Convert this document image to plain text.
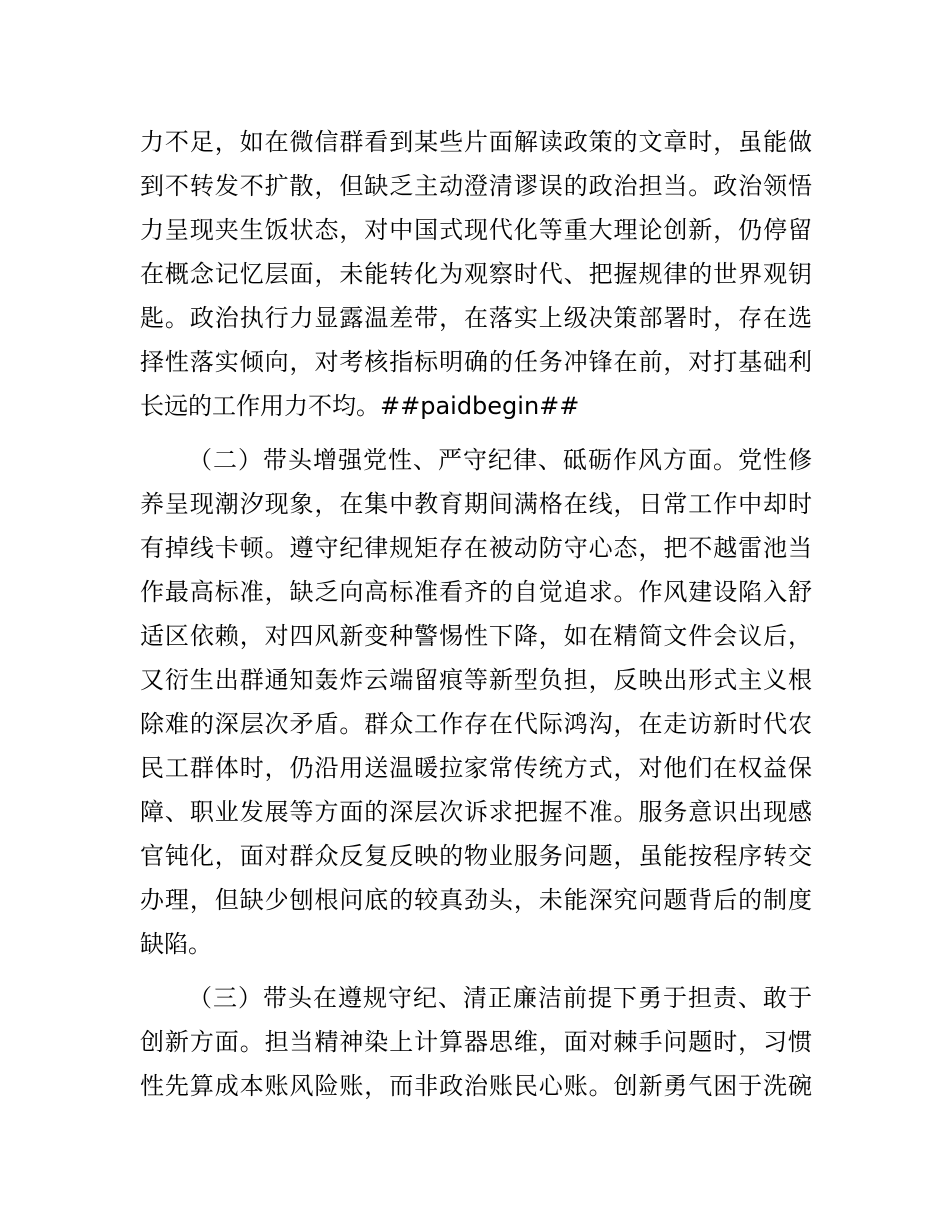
力不足，如在微信群看到某些片面解读政策的文章时，虽能做
到不转发不扩散，但缺乏主动澄清谬误的政治担当。政治领悟
力呈现夹生饭状态，对中国式现代化等重大理论创新，仍停留
在概念记忆层面，未能转化为观察时代、把握规律的世界观钥
匙。政治执行力显露温差带，在落实上级决策部署时，存在选
择性落实倾向，对考核指标明确的任务冲锋在前，对打基础利
长远的工作用力不均。##paidbegin##
（二）带头增强党性、严守纪律、砥砺作风方面。党性修
养呈现潮汐现象，在集中教育期间满格在线，日常工作中却时
有掉线卡顿。遵守纪律规矩存在被动防守心态，把不越雷池当
作最高标准，缺乏向高标准看齐的自觉追求。作风建设陷入舒
适区依赖，对四风新变种警惕性下降，如在精简文件会议后，
又衍生出群通知轰炸云端留痕等新型负担，反映出形式主义根
除难的深层次矛盾。群众工作存在代际鸿沟，在走访新时代农
民工群体时，仍沿用送温暖拉家常传统方式，对他们在权益保
障、职业发展等方面的深层次诉求把握不准。服务意识出现感
官钝化，面对群众反复反映的物业服务问题，虽能按程序转交
办理，但缺少刨根问底的较真劲头，未能深究问题背后的制度
缺陷。
（三）带头在遵规守纪、清正廉洁前提下勇于担责、敢于
创新方面。担当精神染上计算器思维，面对棘手问题时，习惯
性先算成本账风险账，而非政治账民心账。创新勇气困于洗碗
